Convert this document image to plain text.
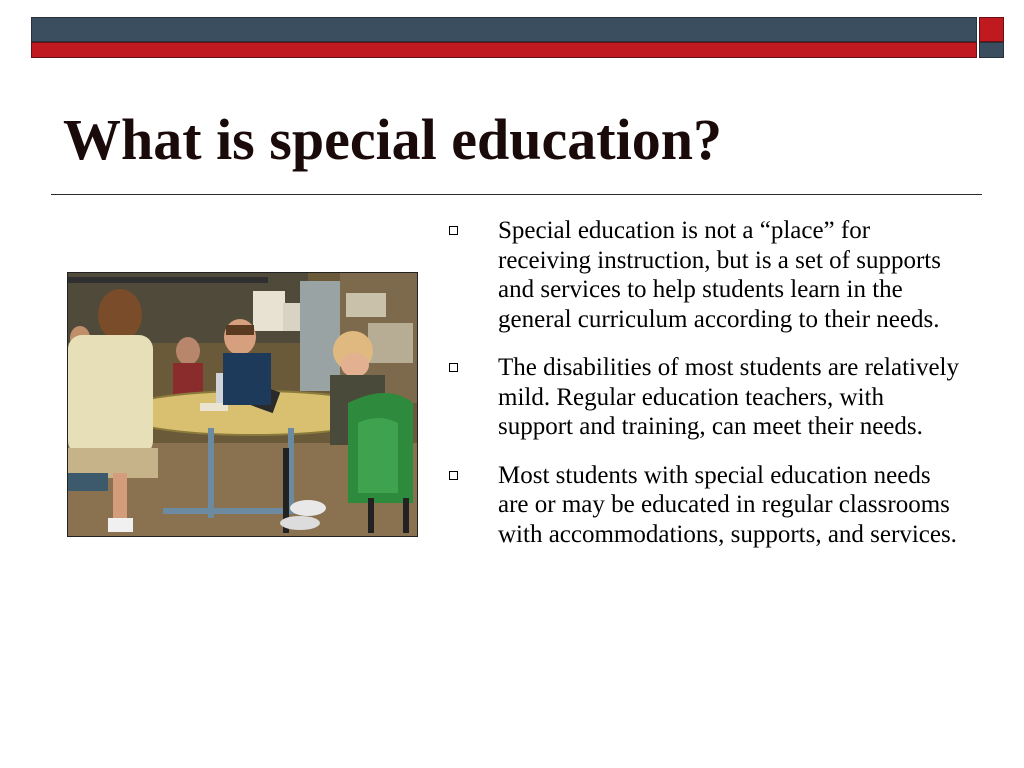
What is special education?
Special education is not a “place” for receiving instruction, but is a set of supports and services to help students learn in the general curriculum according to their needs.
The disabilities of most students are relatively mild. Regular education teachers, with support and training, can meet their needs.
Most students with special education needs are or may be educated in regular classrooms with accommodations, supports, and services.
